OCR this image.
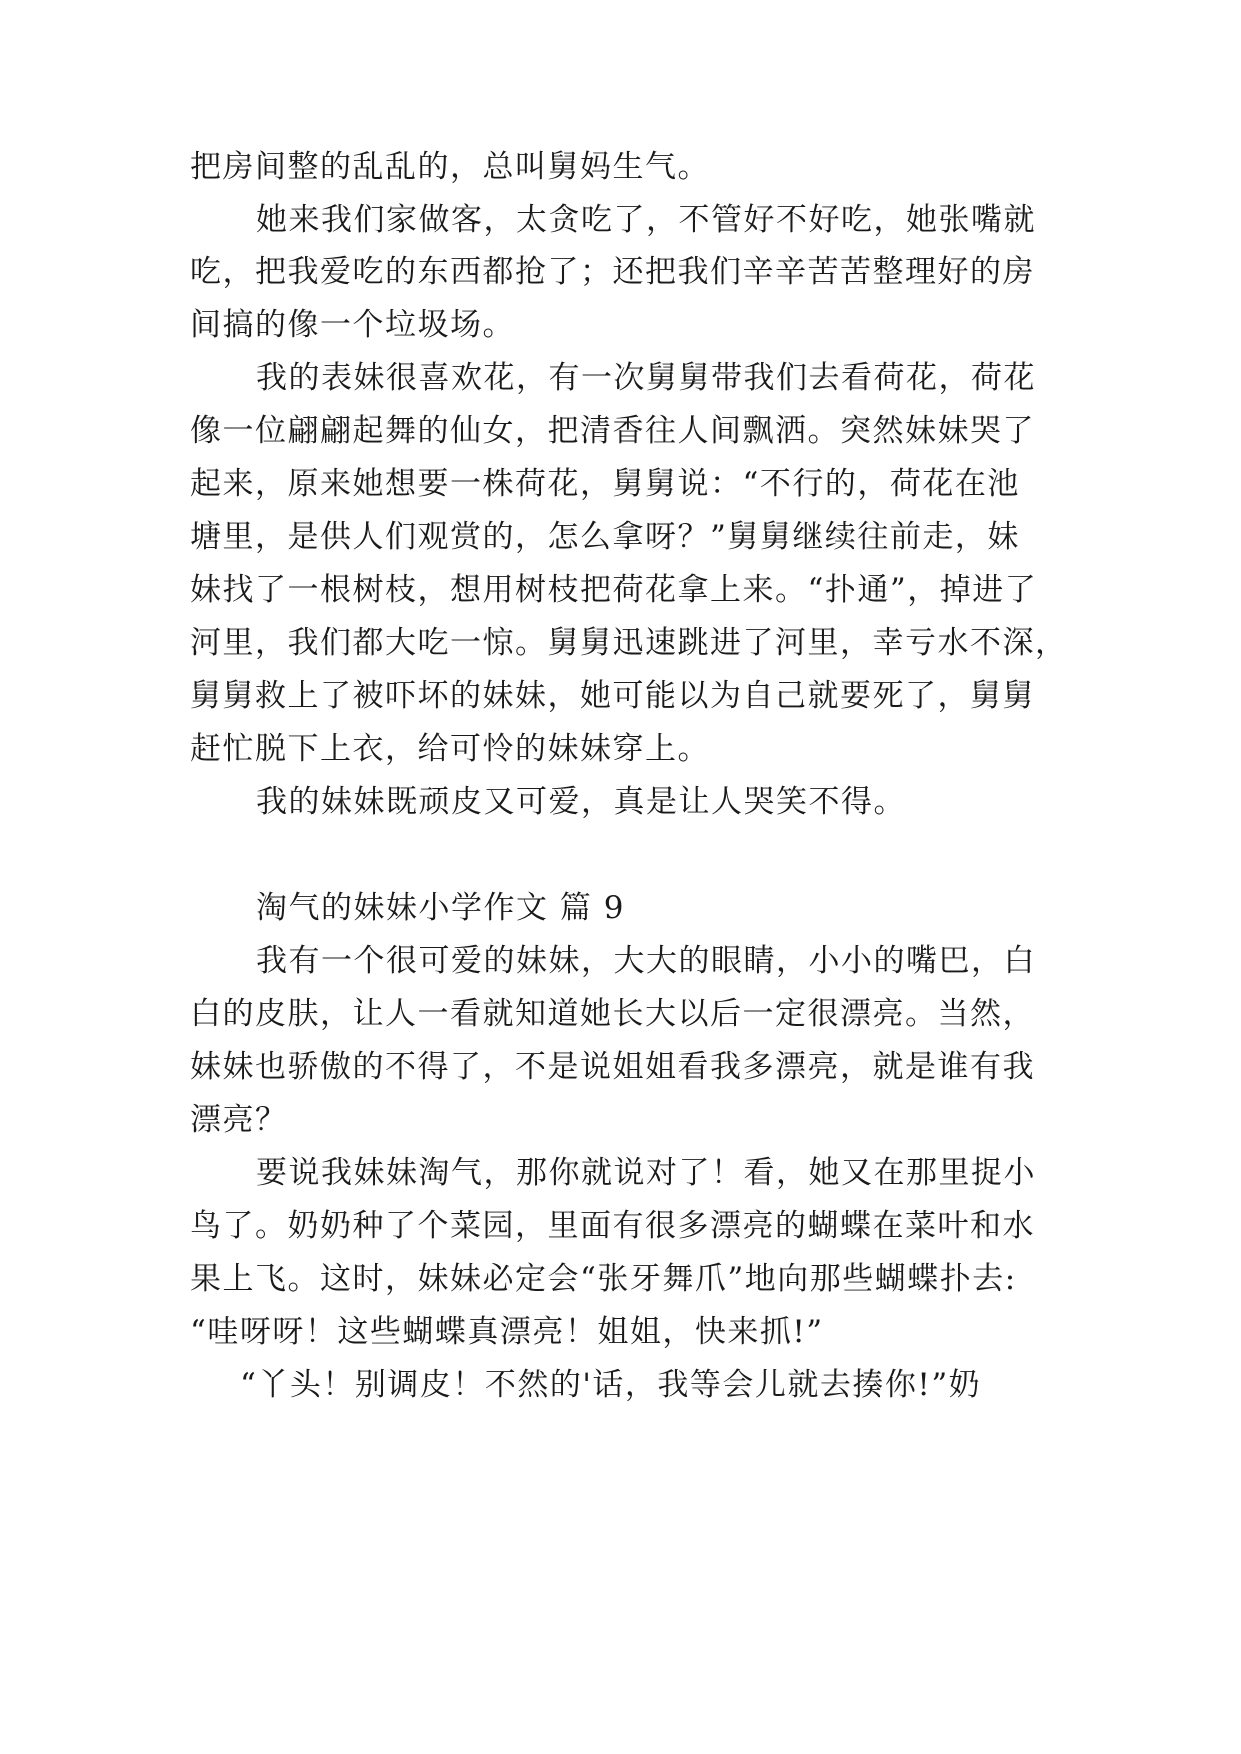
把房间整的乱乱的，总叫舅妈生气。
她来我们家做客，太贪吃了，不管好不好吃，她张嘴就
吃，把我爱吃的东西都抢了；还把我们辛辛苦苦整理好的房
间搞的像一个垃圾场。
我的表妹很喜欢花，有一次舅舅带我们去看荷花，荷花
像一位翩翩起舞的仙女，把清香往人间飘洒。突然妹妹哭了
起来，原来她想要一株荷花，舅舅说：“不行的，荷花在池
塘里，是供人们观赏的，怎么拿呀？”舅舅继续往前走，妹
妹找了一根树枝，想用树枝把荷花拿上来。“扑通”，掉进了
河里，我们都大吃一惊。舅舅迅速跳进了河里，幸亏水不深，
舅舅救上了被吓坏的妹妹，她可能以为自己就要死了，舅舅
赶忙脱下上衣，给可怜的妹妹穿上。
我的妹妹既顽皮又可爱，真是让人哭笑不得。
淘气的妹妹小学作文 篇 9
我有一个很可爱的妹妹，大大的眼睛，小小的嘴巴，白
白的皮肤，让人一看就知道她长大以后一定很漂亮。当然，
妹妹也骄傲的不得了，不是说姐姐看我多漂亮，就是谁有我
漂亮？
要说我妹妹淘气，那你就说对了！看，她又在那里捉小
鸟了。奶奶种了个菜园，里面有很多漂亮的蝴蝶在菜叶和水
果上飞。这时，妹妹必定会“张牙舞爪”地向那些蝴蝶扑去:
“哇呀呀！这些蝴蝶真漂亮！姐姐，快来抓!”
“丫头！别调皮！不然的'话，我等会儿就去揍你!”奶
